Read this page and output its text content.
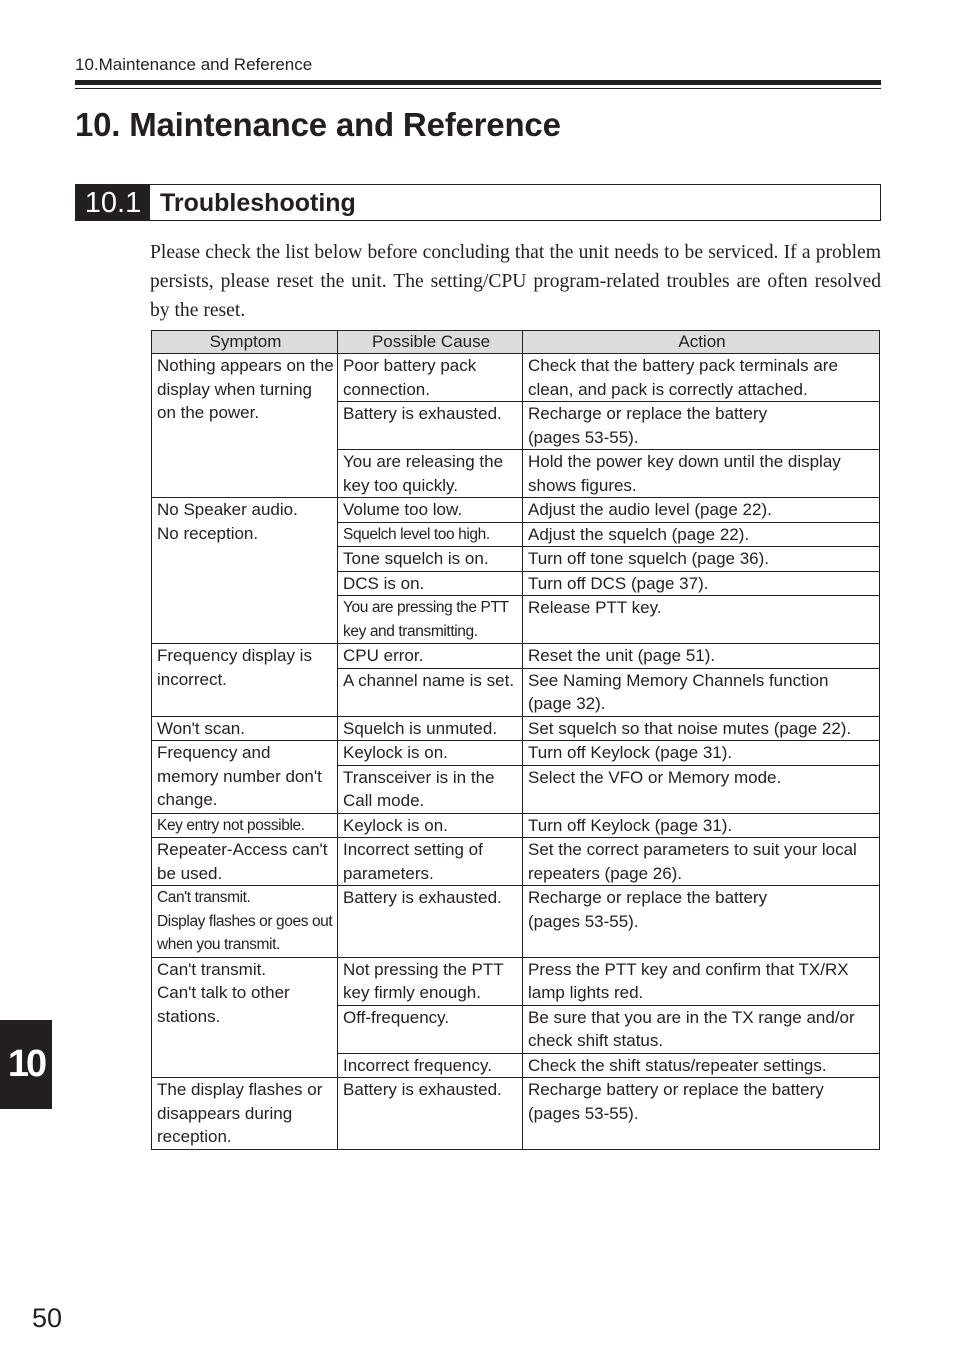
10.Maintenance and Reference
10. Maintenance and Reference
10.1 Troubleshooting

Please check the list below before concluding that the unit needs to be serviced. If a problem persists, please reset the unit. The setting/CPU program-related troubles are often resolved by the reset.

Symptom	Possible Cause	Action
Nothing appears on the display when turning on the power.	Poor battery pack connection.	Check that the battery pack terminals are clean, and pack is correctly attached.
	Battery is exhausted.	Recharge or replace the battery
(pages 53-55).
	You are releasing the key too quickly.	Hold the power key down until the display shows figures.
No Speaker audio.
No reception.	Volume too low.	Adjust the audio level (page 22).
	Squelch level too high.	Adjust the squelch (page 22).
	Tone squelch is on.	Turn off tone squelch (page 36).
	DCS is on.	Turn off DCS (page 37).
	You are pressing the PTT key and transmitting.	Release PTT key.
Frequency display is incorrect.	CPU error.	Reset the unit (page 51).
	A channel name is set.	See Naming Memory Channels function (page 32).
Won't scan.	Squelch is unmuted.	Set squelch so that noise mutes (page 22).
Frequency and memory number don't change.	Keylock is on.	Turn off Keylock (page 31).
	Transceiver is in the Call mode.	Select the VFO or Memory mode.
Key entry not possible.	Keylock is on.	Turn off Keylock (page 31).
Repeater-Access can't be used.	Incorrect setting of parameters.	Set the correct parameters to suit your local repeaters (page 26).
Can't transmit.
Display flashes or goes out when you transmit.	Battery is exhausted.	Recharge or replace the battery
(pages 53-55).
Can't transmit.
Can't talk to other stations.	Not pressing the PTT key firmly enough.	Press the PTT key and confirm that TX/RX lamp lights red.
	Off-frequency.	Be sure that you are in the TX range and/or check shift status.
	Incorrect frequency.	Check the shift status/repeater settings.
The display flashes or disappears during reception.	Battery is exhausted.	Recharge battery or replace the battery
(pages 53-55).
10
50
